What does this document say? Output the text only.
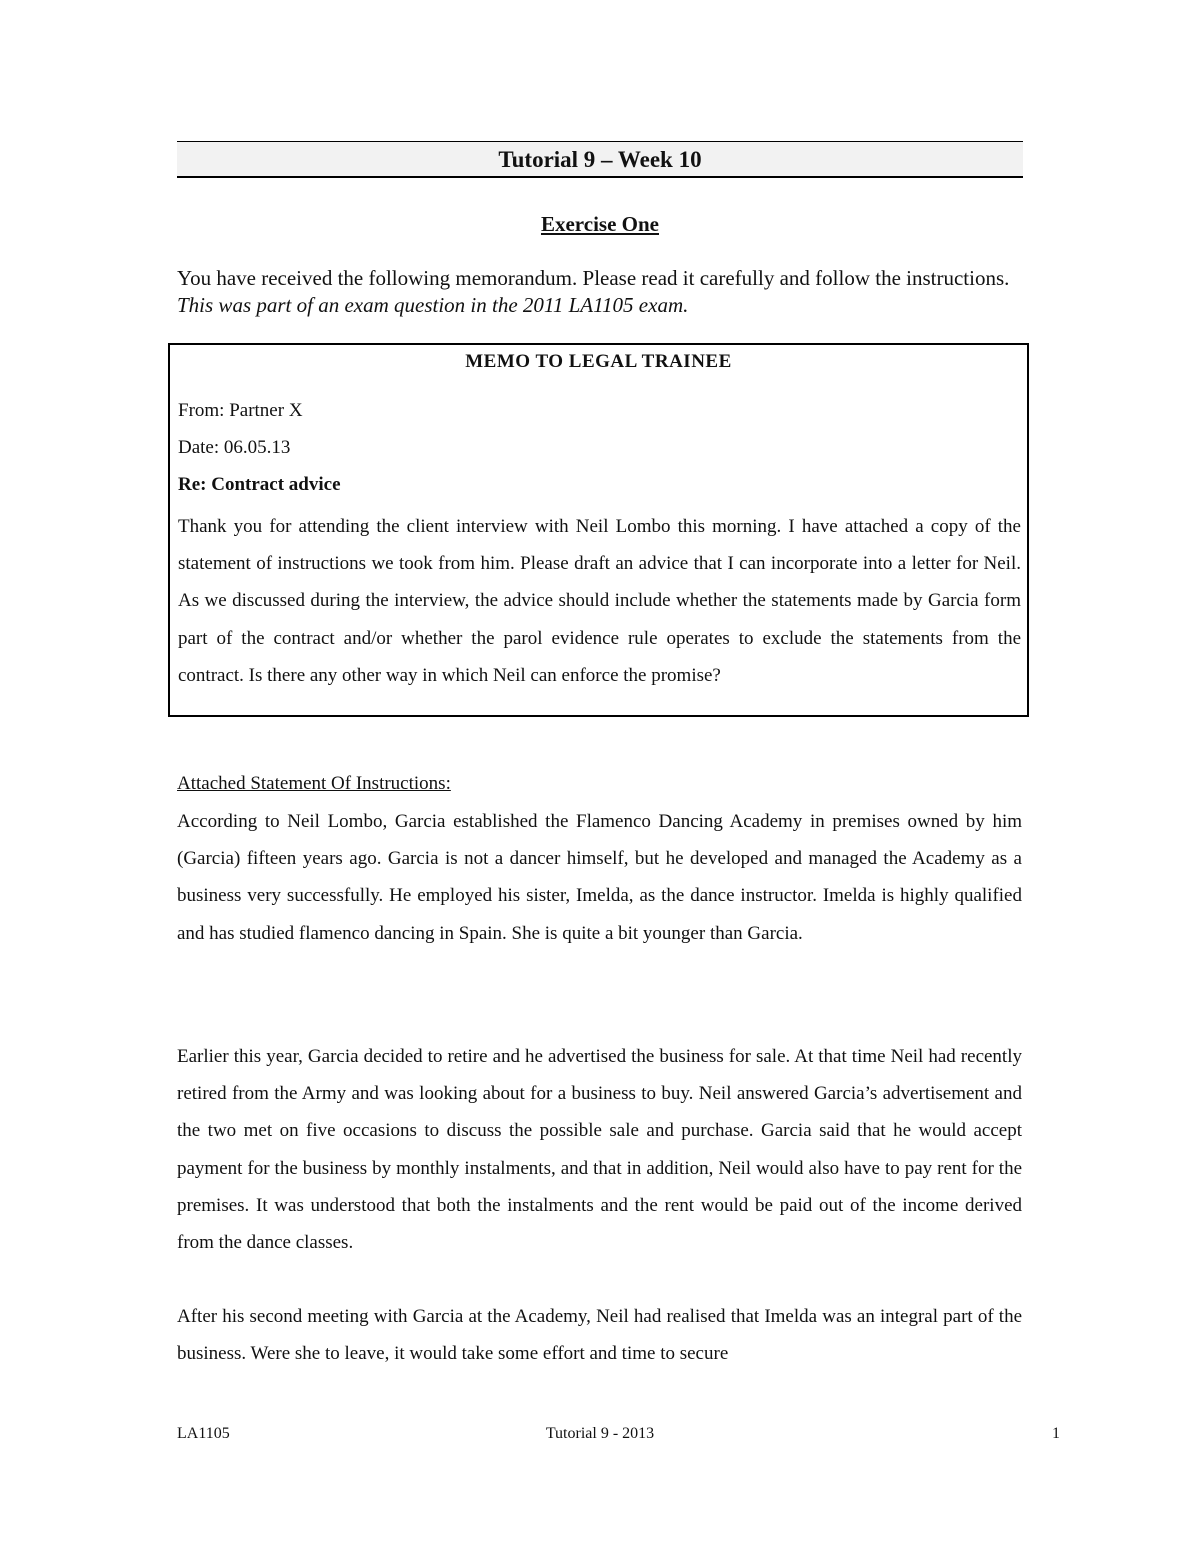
Tutorial 9 – Week 10
Exercise One
You have received the following memorandum. Please read it carefully and follow the instructions. This was part of an exam question in the 2011 LA1105 exam.
MEMO TO LEGAL TRAINEE
From: Partner X
Date: 06.05.13
Re: Contract advice
Thank you for attending the client interview with Neil Lombo this morning. I have attached a copy of the statement of instructions we took from him. Please draft an advice that I can incorporate into a letter for Neil. As we discussed during the interview, the advice should include whether the statements made by Garcia form part of the contract and/or whether the parol evidence rule operates to exclude the statements from the contract. Is there any other way in which Neil can enforce the promise?
Attached Statement Of Instructions:
According to Neil Lombo, Garcia established the Flamenco Dancing Academy in premises owned by him (Garcia) fifteen years ago. Garcia is not a dancer himself, but he developed and managed the Academy as a business very successfully. He employed his sister, Imelda, as the dance instructor. Imelda is highly qualified and has studied flamenco dancing in Spain. She is quite a bit younger than Garcia.
Earlier this year, Garcia decided to retire and he advertised the business for sale. At that time Neil had recently retired from the Army and was looking about for a business to buy. Neil answered Garcia’s advertisement and the two met on five occasions to discuss the possible sale and purchase. Garcia said that he would accept payment for the business by monthly instalments, and that in addition, Neil would also have to pay rent for the premises. It was understood that both the instalments and the rent would be paid out of the income derived from the dance classes.
After his second meeting with Garcia at the Academy, Neil had realised that Imelda was an integral part of the business. Were she to leave, it would take some effort and time to secure
LA1105	Tutorial 9 - 2013	1
